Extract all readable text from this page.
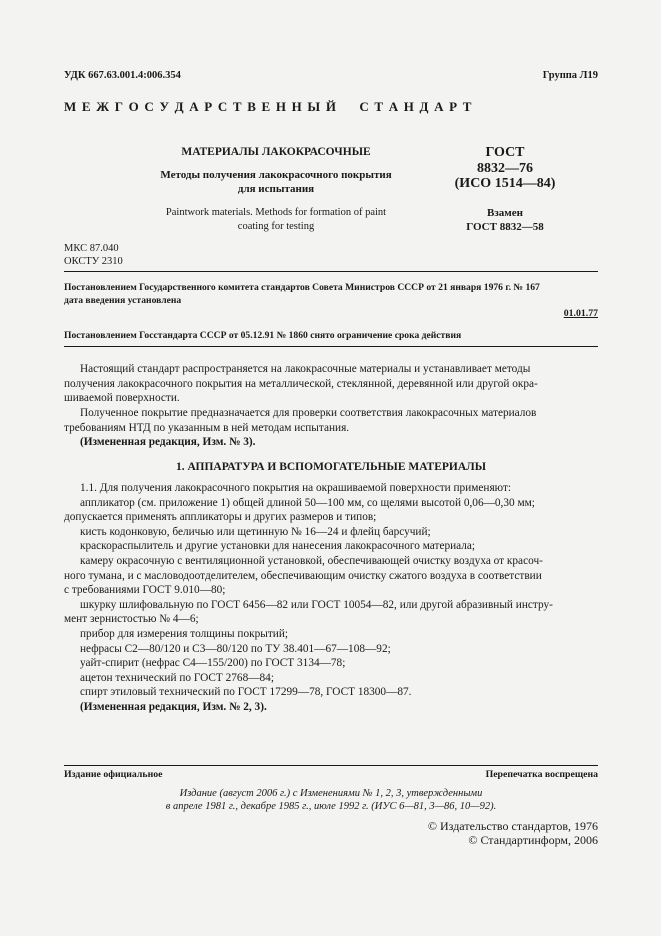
УДК 667.63.001.4:006.354	Группа Л19
М Е Ж Г О С У Д А Р С Т В Е Н Н Ы Й     С Т А Н Д А Р Т
МАТЕРИАЛЫ ЛАКОКРАСОЧНЫЕ
Методы получения лакокрасочного покрытия
для испытания
Paintwork materials. Methods for formation of paint
coating for testing
ГОСТ
8832—76
(ИСО 1514—84)
Взамен
ГОСТ 8832—58
МКС 87.040
ОКСТУ 2310
Постановлением Государственного комитета стандартов Совета Министров СССР от 21 января 1976 г. № 167
дата введения установлена
01.01.77
Постановлением Госстандарта СССР от 05.12.91 № 1860 снято ограничение срока действия
Настоящий стандарт распространяется на лакокрасочные материалы и устанавливает методы
получения лакокрасочного покрытия на металлической, стеклянной, деревянной или другой окра-
шиваемой поверхности.
Полученное покрытие предназначается для проверки соответствия лакокрасочных материалов
требованиям НТД по указанным в ней методам испытания.
(Измененная редакция, Изм. № 3).
1. АППАРАТУРА И ВСПОМОГАТЕЛЬНЫЕ МАТЕРИАЛЫ
1.1. Для получения лакокрасочного покрытия на окрашиваемой поверхности применяют:
аппликатор (см. приложение 1) общей длиной 50—100 мм, со щелями высотой 0,06—0,30 мм;
допускается применять аппликаторы и других размеров и типов;
кисть кодонковую, беличью или щетинную № 16—24 и флейц барсучий;
краскораспылитель и другие установки для нанесения лакокрасочного материала;
камеру окрасочную с вентиляционной установкой, обеспечивающей очистку воздуха от красоч-
ного тумана, и с масловодоотделителем, обеспечивающим очистку сжатого воздуха в соответствии
с требованиями ГОСТ 9.010—80;
шкурку шлифовальную по ГОСТ 6456—82 или ГОСТ 10054—82, или другой абразивный инстру-
мент зернистостью № 4—6;
прибор для измерения толщины покрытий;
нефрасы С2—80/120 и С3—80/120 по ТУ 38.401—67—108—92;
уайт-спирит (нефрас С4—155/200) по ГОСТ 3134—78;
ацетон технический по ГОСТ 2768—84;
спирт этиловый технический по ГОСТ 17299—78, ГОСТ 18300—87.
(Измененная редакция, Изм. № 2, 3).
Издание официальное	Перепечатка воспрещена
Издание (август 2006 г.) с Изменениями № 1, 2, 3, утвержденными
в апреле 1981 г., декабре 1985 г., июле 1992 г. (ИУС 6—81, 3—86, 10—92).
© Издательство стандартов, 1976
© Стандартинформ, 2006
